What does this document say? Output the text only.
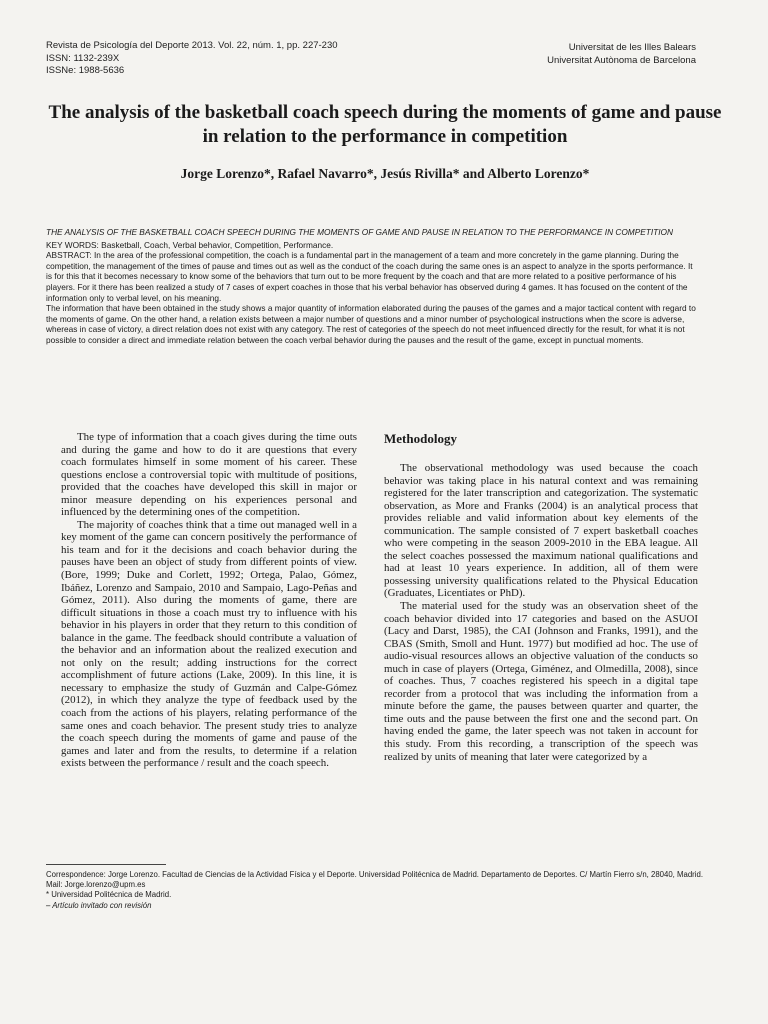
Revista de Psicología del Deporte 2013. Vol. 22, núm. 1, pp. 227-230
ISSN: 1132-239X
ISSNe: 1988-5636
Universitat de les Illes Balears
Universitat Autònoma de Barcelona
The analysis of the basketball coach speech during the moments of game and pause in relation to the performance in competition
Jorge Lorenzo*, Rafael Navarro*, Jesús Rivilla* and Alberto Lorenzo*

THE ANALYSIS OF THE BASKETBALL COACH SPEECH DURING THE MOMENTS OF GAME AND PAUSE IN RELATION TO THE PERFORMANCE IN COMPETITION

KEY WORDS: Basketball, Coach, Verbal behavior, Competition, Performance.

ABSTRACT: In the area of the professional competition, the coach is a fundamental part in the management of a team and more concretely in the game planning. During the competition, the management of the times of pause and times out as well as the conduct of the coach during the same ones is an aspect to analyze in the sports performance. It is for this that it becomes necessary to know some of the behaviors that turn out to be more frequent by the coach and that are more related to a positive performance of his players. For it there has been realized a study of 7 cases of expert coaches in those that his verbal behavior has observed during 4 games. It has focused on the content of the information only to verbal level, on his meaning.

The information that have been obtained in the study shows a major quantity of information elaborated during the pauses of the games and a major tactical content with regard to the moments of game. On the other hand, a relation exists between a major number of questions and a minor number of psychological instructions when the score is adverse, whereas in case of victory, a direct relation does not exist with any category. The rest of categories of the speech do not meet influenced directly for the result, for what it is not possible to consider a direct and immediate relation between the coach verbal behavior during the pauses and the result of the game, except in punctual moments.

The type of information that a coach gives during the time outs and during the game and how to do it are questions that every coach formulates himself in some moment of his career. These questions enclose a controversial topic with multitude of positions, provided that the coaches have developed this skill in major or minor measure depending on his experiences personal and influenced by the determining ones of the competition.

The majority of coaches think that a time out managed well in a key moment of the game can concern positively the performance of his team and for it the decisions and coach behavior during the pauses have been an object of study from different points of view. (Bore, 1999; Duke and Corlett, 1992; Ortega, Palao, Gómez, Ibáñez, Lorenzo and Sampaio, 2010 and Sampaio, Lago-Peñas and Gómez, 2011). Also during the moments of game, there are difficult situations in those a coach must try to influence with his behavior in his players in order that they return to this condition of balance in the game. The feedback should contribute a valuation of the behavior and an information about the realized execution and not only on the result; adding instructions for the correct accomplishment of future actions (Lake, 2009). In this line, it is necessary to emphasize the study of Guzmán and Calpe-Gómez (2012), in which they analyze the type of feedback used by the coach from the actions of his players, relating performance of the same ones and coach behavior. The present study tries to analyze the coach speech during the moments of game and pause of the games and later and from the results, to determine if a relation exists between the performance / result and the coach speech.

Methodology

The observational methodology was used because the coach behavior was taking place in his natural context and was remaining registered for the later transcription and categorization. The systematic observation, as More and Franks (2004) is an analytical process that provides reliable and valid information about key elements of the communication. The sample consisted of 7 expert basketball coaches who were competing in the season 2009-2010 in the EBA league. All the select coaches possessed the maximum national qualifications and had at least 10 years experience. In addition, all of them were possessing university qualifications related to the Physical Education (Graduates, Licentiates or PhD).

The material used for the study was an observation sheet of the coach behavior divided into 17 categories and based on the ASUOI (Lacy and Darst, 1985), the CAI (Johnson and Franks, 1991), and the CBAS (Smith, Smoll and Hunt. 1977) but modified ad hoc. The use of audio-visual resources allows an objective valuation of the conducts so much in case of players (Ortega, Giménez, and Olmedilla, 2008), since of coaches. Thus, 7 coaches registered his speech in a digital tape recorder from a protocol that was including the information from a minute before the game, the pauses between quarter and quarter, the time outs and the pause between the first one and the second part. On having ended the game, the later speech was not taken in account for this study. From this recording, a transcription of the speech was realized by units of meaning that later were categorized by a

Correspondence: Jorge Lorenzo. Facultad de Ciencias de la Actividad Física y el Deporte. Universidad Politécnica de Madrid. Departamento de Deportes. C/ Martín Fierro s/n, 28040, Madrid. Mail: Jorge.lorenzo@upm.es

* Universidad Politécnica de Madrid.

– Artículo invitado con revisión
